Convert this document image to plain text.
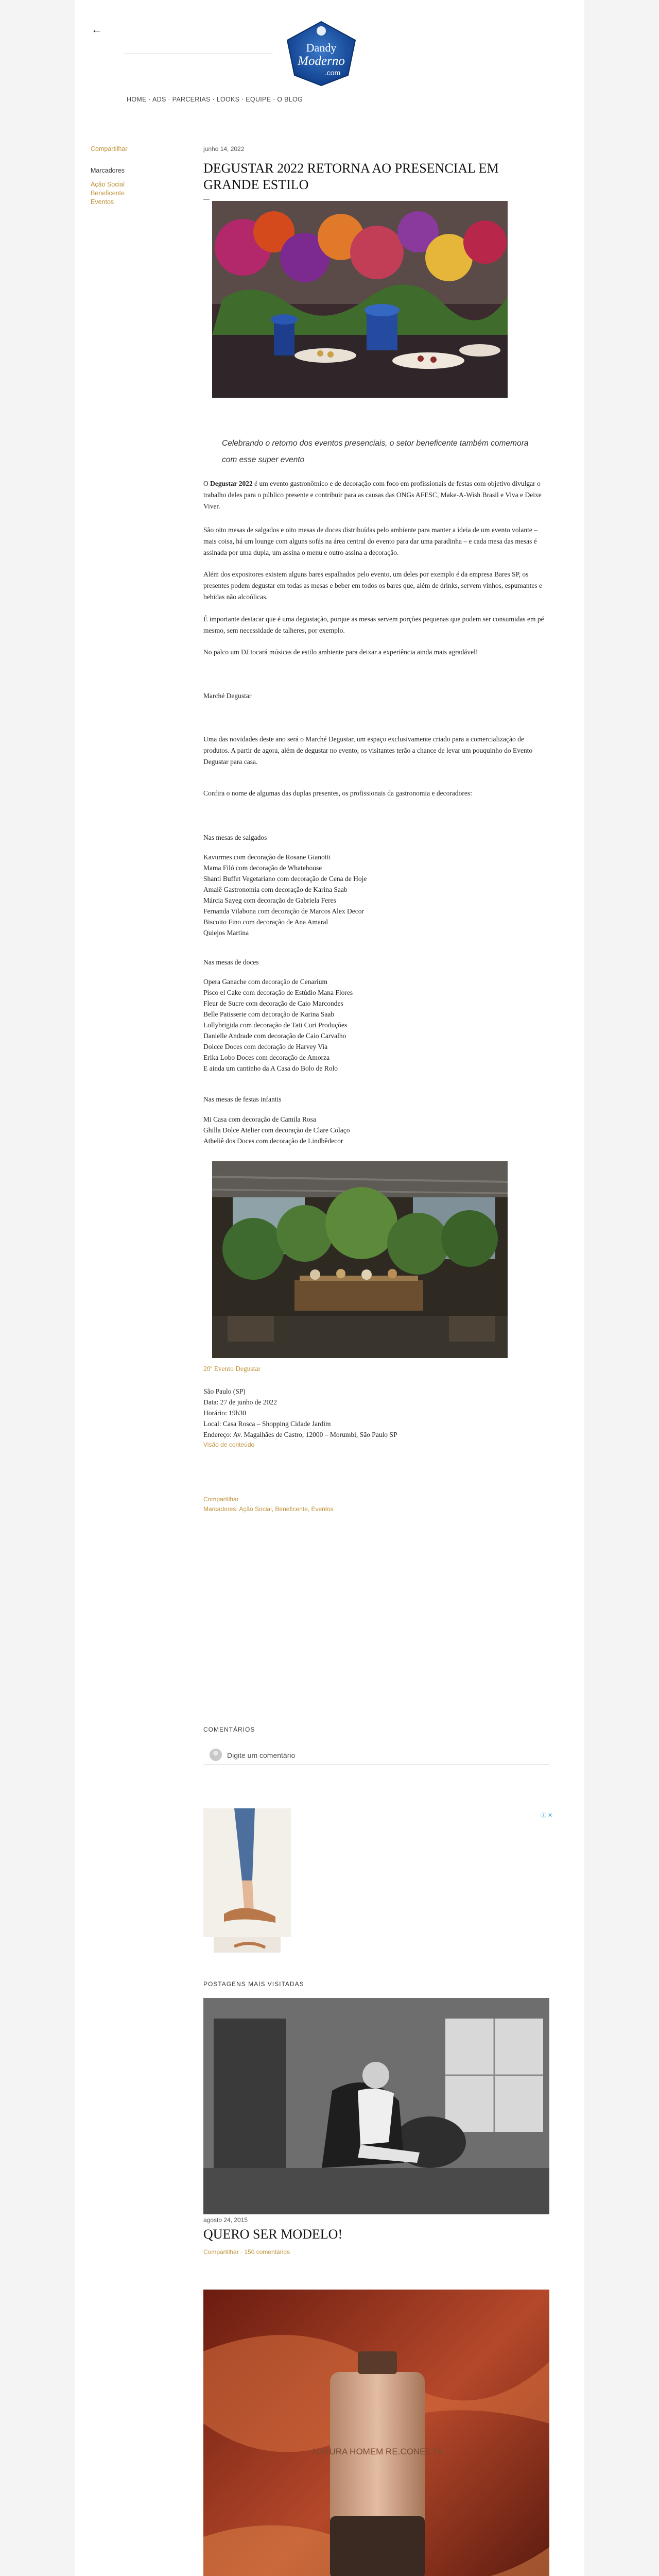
←
Dandy
Moderno
.com
HOME · ADS · PARCERIAS · LOOKS · EQUIPE · O BLOG
Compartilhar
Marcadores
Ação Social
Beneficente
Eventos
junho 14, 2022
DEGUSTAR 2022 RETORNA AO PRESENCIAL EM GRANDE ESTILO
—
Celebrando o retorno dos eventos presenciais, o setor beneficente também comemora
com esse super evento

O Degustar 2022 é um evento gastronômico e de decoração com foco em profissionais de festas com objetivo divulgar o trabalho deles para o público presente e contribuir para as causas das ONGs AFESC, Make-A-Wish Brasil e Viva e Deixe Viver.

São oito mesas de salgados e oito mesas de doces distribuídas pelo ambiente para manter a ideia de um evento volante – mais coisa, há um lounge com alguns sofás na área central do evento para dar uma paradinha – e cada mesa das mesas é assinada por uma dupla, um assina o menu e outro assina a decoração.

Além dos expositores existem alguns bares espalhados pelo evento, um deles por exemplo é da empresa Bares SP, os presentes podem degustar em todas as mesas e beber em todos os bares que, além de drinks, servem vinhos, espumantes e bebidas não alcoólicas.

É importante destacar que é uma degustação, porque as mesas servem porções pequenas que podem ser consumidas em pé mesmo, sem necessidade de talheres, por exemplo.

No palco um DJ tocará músicas de estilo ambiente para deixar a experiência ainda mais agradável!

Marché Degustar

Uma das novidades deste ano será o Marché Degustar, um espaço exclusivamente criado para a comercialização de produtos. A partir de agora, além de degustar no evento, os visitantes terão a chance de levar um pouquinho do Evento Degustar para casa.

Confira o nome de algumas das duplas presentes, os profissionais da gastronomia e decoradores:

Nas mesas de salgados
Kavurmes com decoração de Rosane Gianotti
Mama Filó com decoração de Whatehouse
Shanti Buffet Vegetariano com decoração de Cena de Hoje
Amaiê Gastronomia com decoração de Karina Saab
Márcia Sayeg com decoração de Gabriela Feres
Fernanda Vilabona com decoração de Marcos Alex Decor
Biscoito Fino com decoração de Ana Amaral
Quiejos Martina
Nas mesas de doces
Opera Ganache com decoração de Cenarium
Pisco el Cake com decoração de Estúdio Mana Flores
Fleur de Sucre com decoração de Caio Marcondes
Belle Patisserie com decoração de Karina Saab
Lollybrigida com decoração de Tati Curi Produções
Danielle Andrade com decoração de Caio Carvalho
Dolcce Doces com decoração de Harvey Via
Erika Lobo Doces com decoração de Amorza
E ainda um cantinho da A Casa do Bolo de Rolo
Nas mesas de festas infantis
Mi Casa com decoração de Camila Rosa
Ghilla Dolce Atelier com decoração de Clare Colaço
Atheliê dos Doces com decoração de Lindbêdecor
20ª Evento Degustar
São Paulo (SP)
Data: 27 de junho de 2022
Horário: 19h30
Local: Casa Rosca – Shopping Cidade Jardim
Endereço: Av. Magalhães de Castro, 12000 – Morumbi, São Paulo SP
Visão de conteúdo
Compartilhar
Marcadores: Ação Social, Beneficente, Eventos
COMENTÁRIOS
Digite um comentário
ⓘ ✕
POSTAGENS MAIS VISITADAS
agosto 24, 2015
QUERO SER MODELO!
Compartilhar · 150 comentários
NATURA HOMEM RE.CONECTA
